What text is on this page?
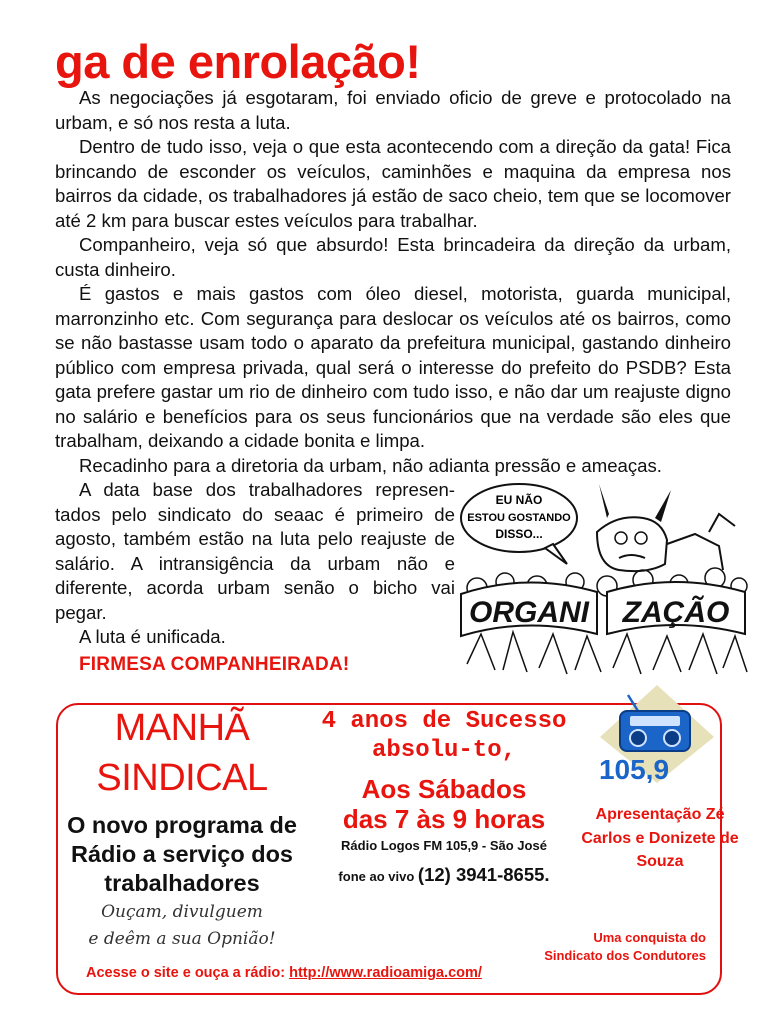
ga de enrolação!

As negociações já esgotaram, foi enviado oficio de greve e protocolado na urbam, e só nos resta a luta.

Dentro de tudo isso, veja o que esta acontecendo com a direção da gata! Fica brincando de esconder os veículos, caminhões e maquina da empresa nos bairros da cidade, os trabalhadores já estão de saco cheio, tem que se locomover até 2 km para buscar estes veículos para trabalhar.

Companheiro, veja só que absurdo! Esta brincadeira da direção da urbam, custa dinheiro.

É gastos e mais gastos com óleo diesel, motorista, guarda municipal, marronzinho etc. Com segurança para deslocar os veículos até os bairros, como se não bastasse usam todo o aparato da prefeitura municipal, gastando dinheiro público com empresa privada, qual será o interesse do prefeito do PSDB? Esta gata prefere gastar um rio de dinheiro com tudo isso, e não dar um reajuste digno no salário e benefícios para os seus funcionários que na verdade são eles que trabalham, deixando a cidade bonita e limpa.

Recadinho para a diretoria da urbam, não adianta pressão e ameaças.

A data base dos trabalhadores represen-tados pelo sindicato do seaac é primeiro de agosto, também estão na luta pelo reajuste de salário. A intransigência da urbam não e diferente, acorda urbam senão o bicho vai pegar.

A luta é unificada.

FIRMESA COMPANHEIRADA!
EU NÃO
ESTOU GOSTANDO
DISSO...
ORGANI ZAÇÃO
MANHÃ
SINDICAL
O novo programa de Rádio a serviço dos trabalhadores
Ouçam, divulguem
e deêm a sua Opnião!
4 anos de Sucesso absolu-to,
Aos Sábados
das 7 às 9 horas
Rádio Logos FM 105,9 - São José
fone ao vivo (12) 3941-8655.
105,9
Apresentação Zé Carlos e Donizete de Souza
Uma conquista do
Sindicato dos Condutores
Acesse o site e ouça a rádio: http://www.radioamiga.com/
